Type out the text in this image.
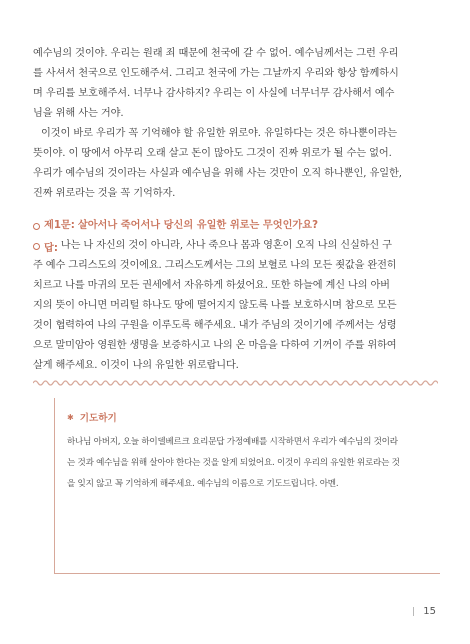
예수님의 것이야. 우리는 원래 죄 때문에 천국에 갈 수 없어. 예수님께서는 그런 우리

를 사셔서 천국으로 인도해주셔. 그리고 천국에 가는 그날까지 우리와 항상 함께하시

며 우리를 보호해주셔. 너무나 감사하지? 우리는 이 사실에 너무너무 감사해서 예수

님을 위해 사는 거야.

이것이 바로 우리가 꼭 기억해야 할 유일한 위로야. 유일하다는 것은 하나뿐이라는

뜻이야. 이 땅에서 아무리 오래 살고 돈이 많아도 그것이 진짜 위로가 될 수는 없어.

우리가 예수님의 것이라는 사실과 예수님을 위해 사는 것만이 오직 하나뿐인, 유일한,

진짜 위로라는 것을 꼭 기억하자.

제1문: 살아서나 죽어서나 당신의 유일한 위로는 무엇인가요?
답: 나는 나 자신의 것이 아니라, 사나 죽으나 몸과 영혼이 오직 나의 신실하신 구

주 예수 그리스도의 것이에요. 그리스도께서는 그의 보혈로 나의 모든 죗값을 완전히

치르고 나를 마귀의 모든 권세에서 자유하게 하셨어요. 또한 하늘에 계신 나의 아버

지의 뜻이 아니면 머리털 하나도 땅에 떨어지지 않도록 나를 보호하시며 참으로 모든

것이 협력하여 나의 구원을 이루도록 해주세요. 내가 주님의 것이기에 주께서는 성령

으로 말미암아 영원한 생명을 보증하시고 나의 온 마음을 다하여 기꺼이 주를 위하여

살게 해주세요. 이것이 나의 유일한 위로랍니다.

✱ 기도하기

하나님 아버지, 오늘 하이델베르크 요리문답 가정예배를 시작하면서 우리가 예수님의 것이라

는 것과 예수님을 위해 살아야 한다는 것을 알게 되었어요. 이것이 우리의 유일한 위로라는 것

을 잊지 않고 꼭 기억하게 해주세요. 예수님의 이름으로 기도드립니다. 아멘.

15
